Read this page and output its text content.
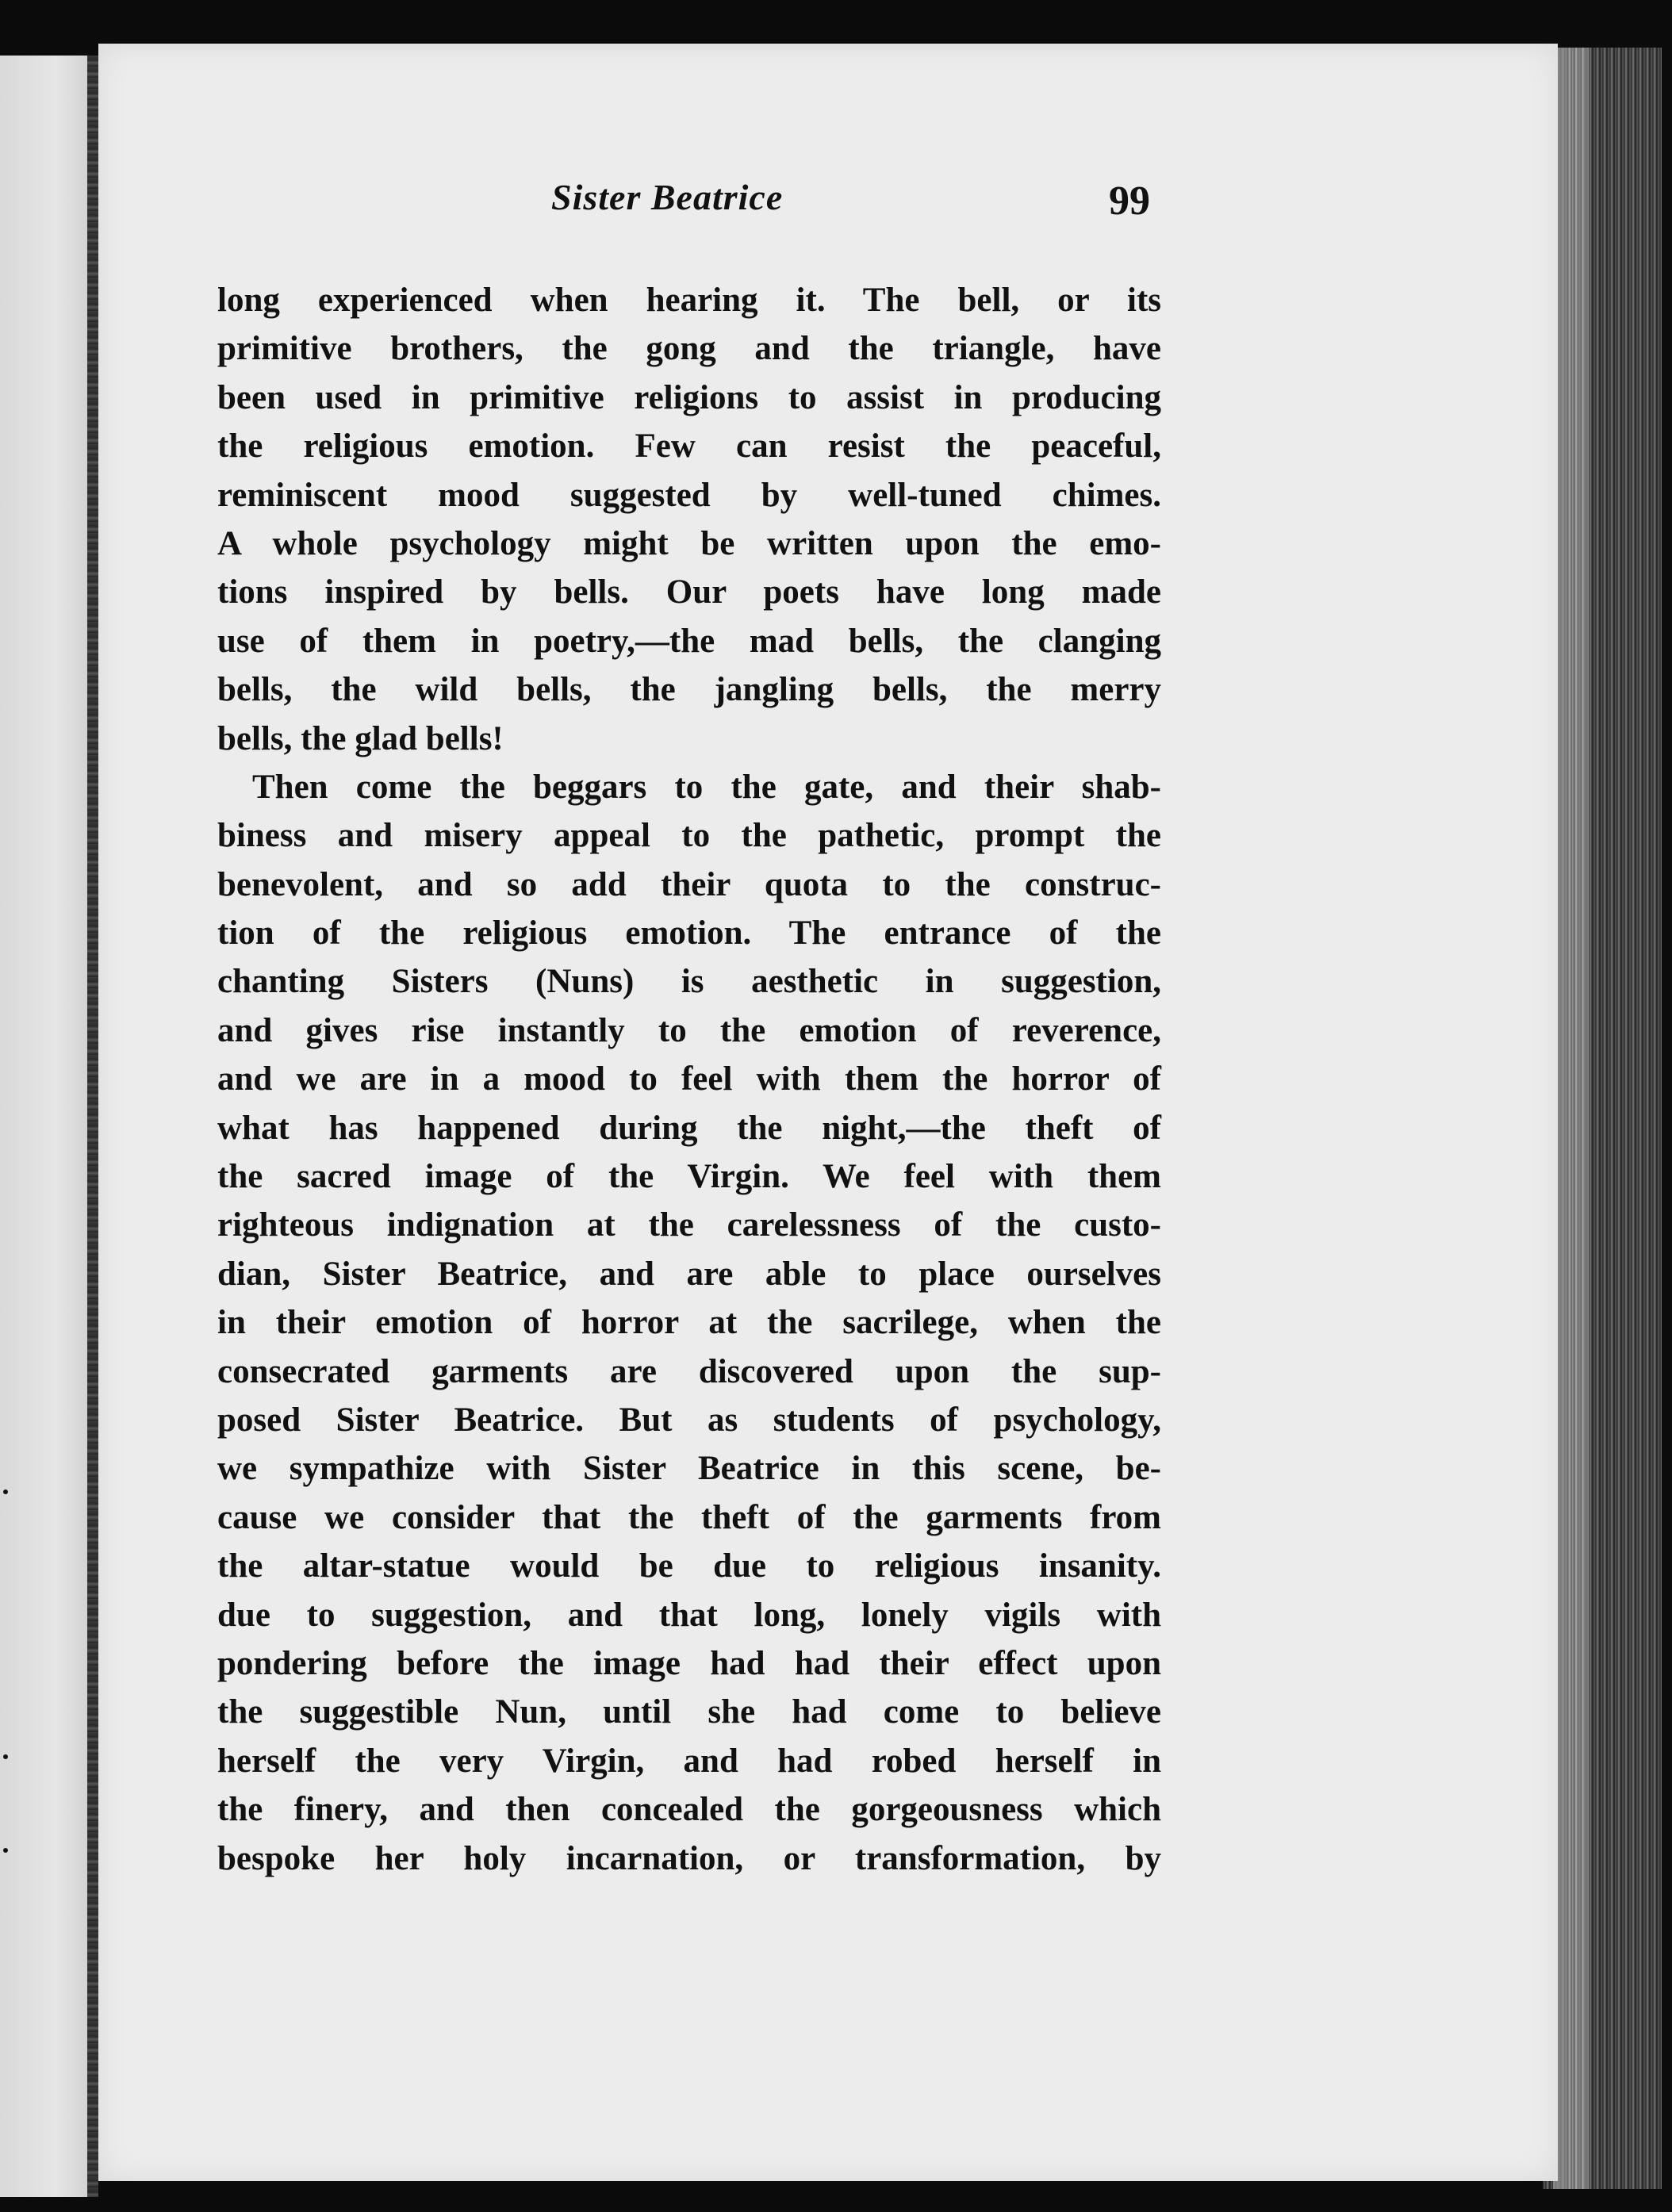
Sister Beatrice	99
long experienced when hearing it. The bell, or its
primitive brothers, the gong and the triangle, have
been used in primitive religions to assist in producing
the religious emotion. Few can resist the peaceful,
reminiscent mood suggested by well-tuned chimes.
A whole psychology might be written upon the emo-
tions inspired by bells. Our poets have long made
use of them in poetry,—the mad bells, the clanging
bells, the wild bells, the jangling bells, the merry
bells, the glad bells!
Then come the beggars to the gate, and their shab-
biness and misery appeal to the pathetic, prompt the
benevolent, and so add their quota to the construc-
tion of the religious emotion. The entrance of the
chanting Sisters (Nuns) is aesthetic in suggestion,
and gives rise instantly to the emotion of reverence,
and we are in a mood to feel with them the horror of
what has happened during the night,—the theft of
the sacred image of the Virgin. We feel with them
righteous indignation at the carelessness of the custo-
dian, Sister Beatrice, and are able to place ourselves
in their emotion of horror at the sacrilege, when the
consecrated garments are discovered upon the sup-
posed Sister Beatrice. But as students of psychology,
we sympathize with Sister Beatrice in this scene, be-
cause we consider that the theft of the garments from
the altar-statue would be due to religious insanity.
due to suggestion, and that long, lonely vigils with
pondering before the image had had their effect upon
the suggestible Nun, until she had come to believe
herself the very Virgin, and had robed herself in
the finery, and then concealed the gorgeousness which
bespoke her holy incarnation, or transformation, by
